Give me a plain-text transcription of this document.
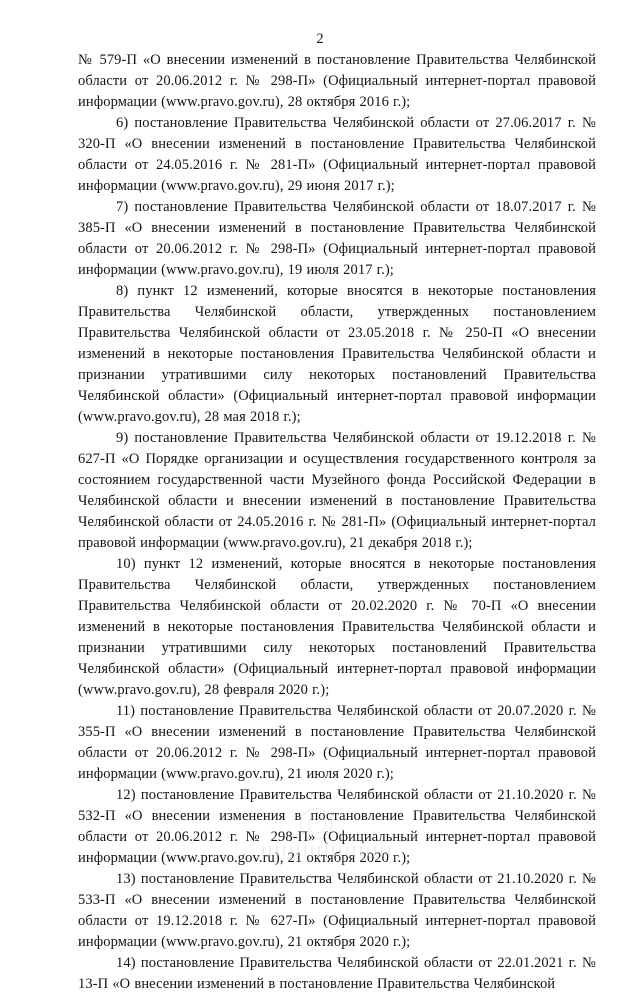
2

№ 579-П «О внесении изменений в постановление Правительства Челябинской области от 20.06.2012 г. № 298-П» (Официальный интернет-портал правовой информации (www.pravo.gov.ru), 28 октября 2016 г.);

6) постановление Правительства Челябинской области от 27.06.2017 г. № 320-П «О внесении изменений в постановление Правительства Челябинской области от 24.05.2016 г. № 281-П» (Официальный интернет-портал правовой информации (www.pravo.gov.ru), 29 июня 2017 г.);

7) постановление Правительства Челябинской области от 18.07.2017 г. № 385-П «О внесении изменений в постановление Правительства Челябинской области от 20.06.2012 г. № 298-П» (Официальный интернет-портал правовой информации (www.pravo.gov.ru), 19 июля 2017 г.);

8) пункт 12 изменений, которые вносятся в некоторые постановления Правительства Челябинской области, утвержденных постановлением Правительства Челябинской области от 23.05.2018 г. № 250-П «О внесении изменений в некоторые постановления Правительства Челябинской области и признании утратившими силу некоторых постановлений Правительства Челябинской области» (Официальный интернет-портал правовой информации (www.pravo.gov.ru), 28 мая 2018 г.);

9) постановление Правительства Челябинской области от 19.12.2018 г. № 627-П «О Порядке организации и осуществления государственного контроля за состоянием государственной части Музейного фонда Российской Федерации в Челябинской области и внесении изменений в постановление Правительства Челябинской области от 24.05.2016 г. № 281-П» (Официальный интернет-портал правовой информации (www.pravo.gov.ru), 21 декабря 2018 г.);

10) пункт 12 изменений, которые вносятся в некоторые постановления Правительства Челябинской области, утвержденных постановлением Правительства Челябинской области от 20.02.2020 г. № 70-П «О внесении изменений в некоторые постановления Правительства Челябинской области и признании утратившими силу некоторых постановлений Правительства Челябинской области» (Официальный интернет-портал правовой информации (www.pravo.gov.ru), 28 февраля 2020 г.);

11) постановление Правительства Челябинской области от 20.07.2020 г. № 355-П «О внесении изменений в постановление Правительства Челябинской области от 20.06.2012 г. № 298-П» (Официальный интернет-портал правовой информации (www.pravo.gov.ru), 21 июля 2020 г.);

12) постановление Правительства Челябинской области от 21.10.2020 г. № 532-П «О внесении изменения в постановление Правительства Челябинской области от 20.06.2012 г. № 298-П» (Официальный интернет-портал правовой информации (www.pravo.gov.ru), 21 октября 2020 г.);

13) постановление Правительства Челябинской области от 21.10.2020 г. № 533-П «О внесении изменений в постановление Правительства Челябинской области от 19.12.2018 г. № 627-П» (Официальный интернет-портал правовой информации (www.pravo.gov.ru), 21 октября 2020 г.);

14) постановление Правительства Челябинской области от 22.01.2021 г. № 13-П «О внесении изменений в постановление Правительства Челябинской
